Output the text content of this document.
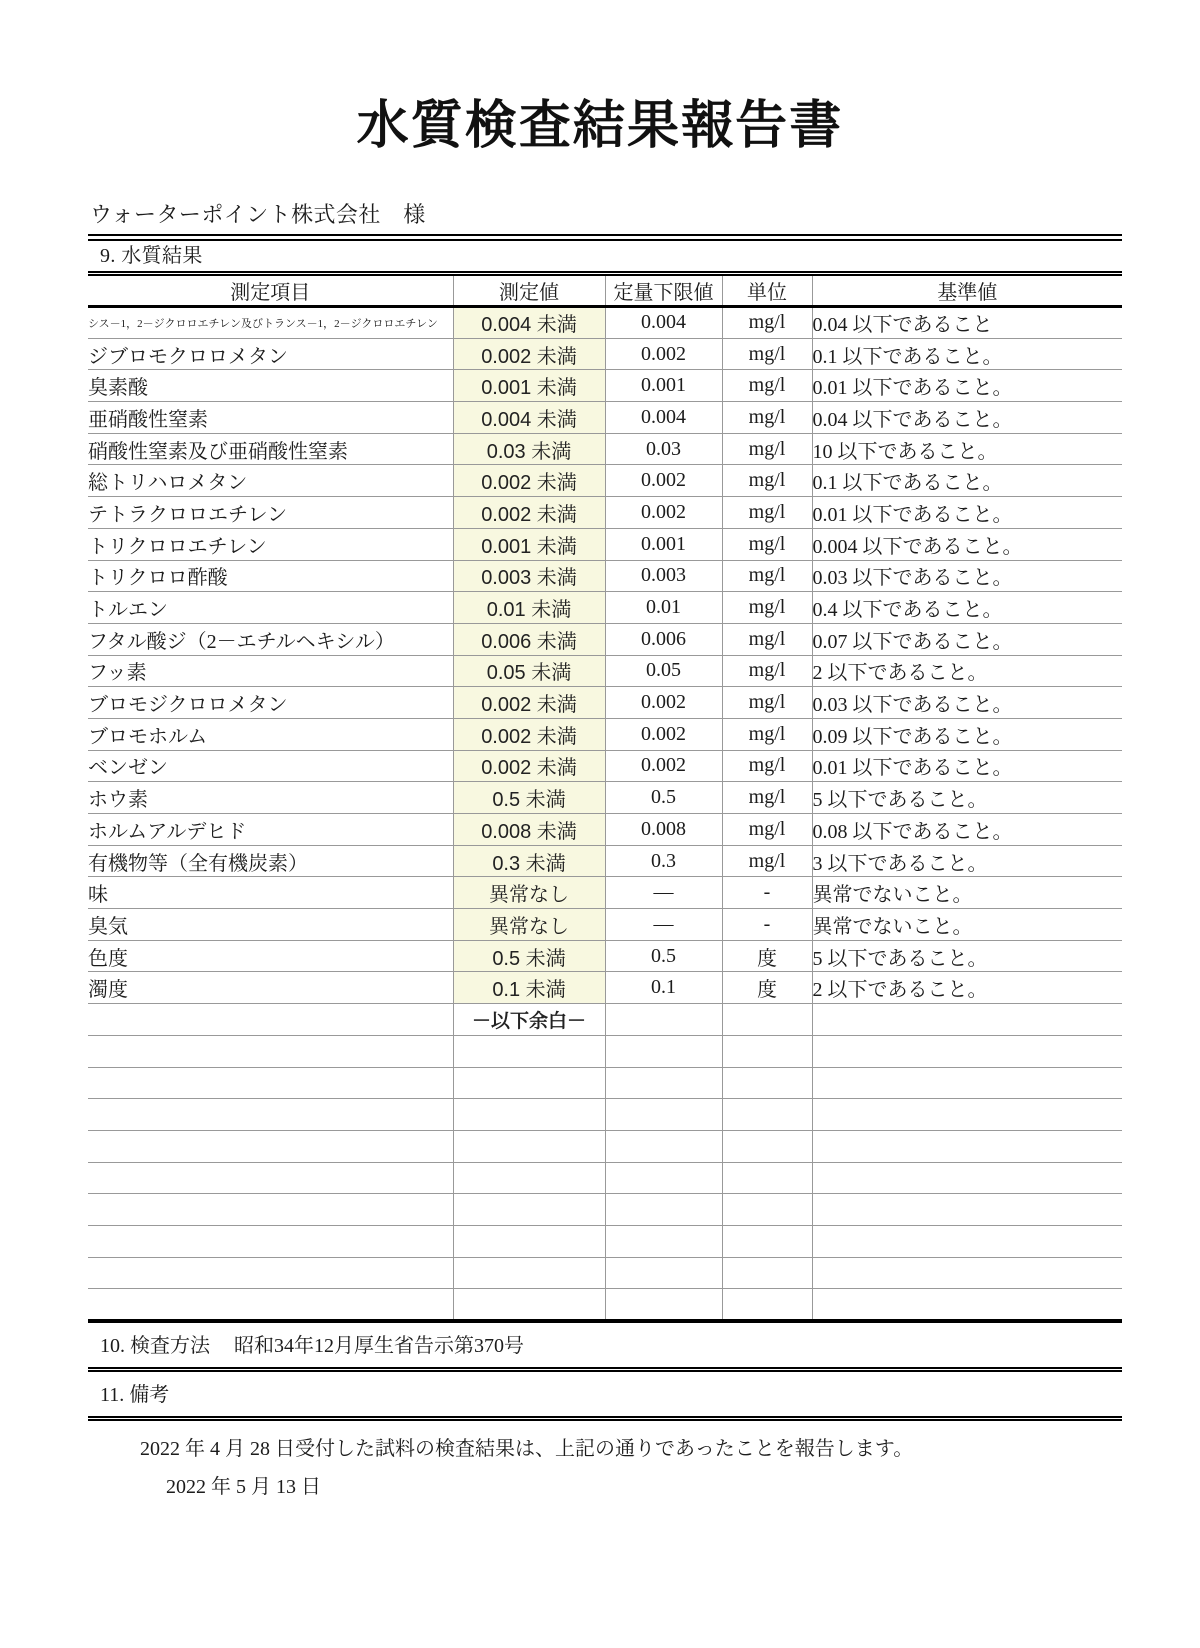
水質検査結果報告書
ウォーターポイント株式会社　様
9. 水質結果
測定項目	測定値	定量下限値	単位	基準値
シス－1，2－ジクロロエチレン及びトランス－1，2－ジクロロエチレン	0.004 未満	0.004	mg/l	0.04 以下であること
ジブロモクロロメタン	0.002 未満	0.002	mg/l	0.1 以下であること。
臭素酸	0.001 未満	0.001	mg/l	0.01 以下であること。
亜硝酸性窒素	0.004 未満	0.004	mg/l	0.04 以下であること。
硝酸性窒素及び亜硝酸性窒素	0.03 未満	0.03	mg/l	10 以下であること。
総トリハロメタン	0.002 未満	0.002	mg/l	0.1 以下であること。
テトラクロロエチレン	0.002 未満	0.002	mg/l	0.01 以下であること。
トリクロロエチレン	0.001 未満	0.001	mg/l	0.004 以下であること。
トリクロロ酢酸	0.003 未満	0.003	mg/l	0.03 以下であること。
トルエン	0.01 未満	0.01	mg/l	0.4 以下であること。
フタル酸ジ（2－エチルヘキシル）	0.006 未満	0.006	mg/l	0.07 以下であること。
フッ素	0.05 未満	0.05	mg/l	2 以下であること。
ブロモジクロロメタン	0.002 未満	0.002	mg/l	0.03 以下であること。
ブロモホルム	0.002 未満	0.002	mg/l	0.09 以下であること。
ベンゼン	0.002 未満	0.002	mg/l	0.01 以下であること。
ホウ素	0.5 未満	0.5	mg/l	5 以下であること。
ホルムアルデヒド	0.008 未満	0.008	mg/l	0.08 以下であること。
有機物等（全有機炭素）	0.3 未満	0.3	mg/l	3 以下であること。
味	異常なし	―	-	異常でないこと。
臭気	異常なし	―	-	異常でないこと。
色度	0.5 未満	0.5	度	5 以下であること。
濁度	0.1 未満	0.1	度	2 以下であること。
	－以下余白－			

10. 検査方法 昭和34年12月厚生省告示第370号
11. 備考

2022 年 4 月 28 日受付した試料の検査結果は、上記の通りであったことを報告します。

2022 年 5 月 13 日
